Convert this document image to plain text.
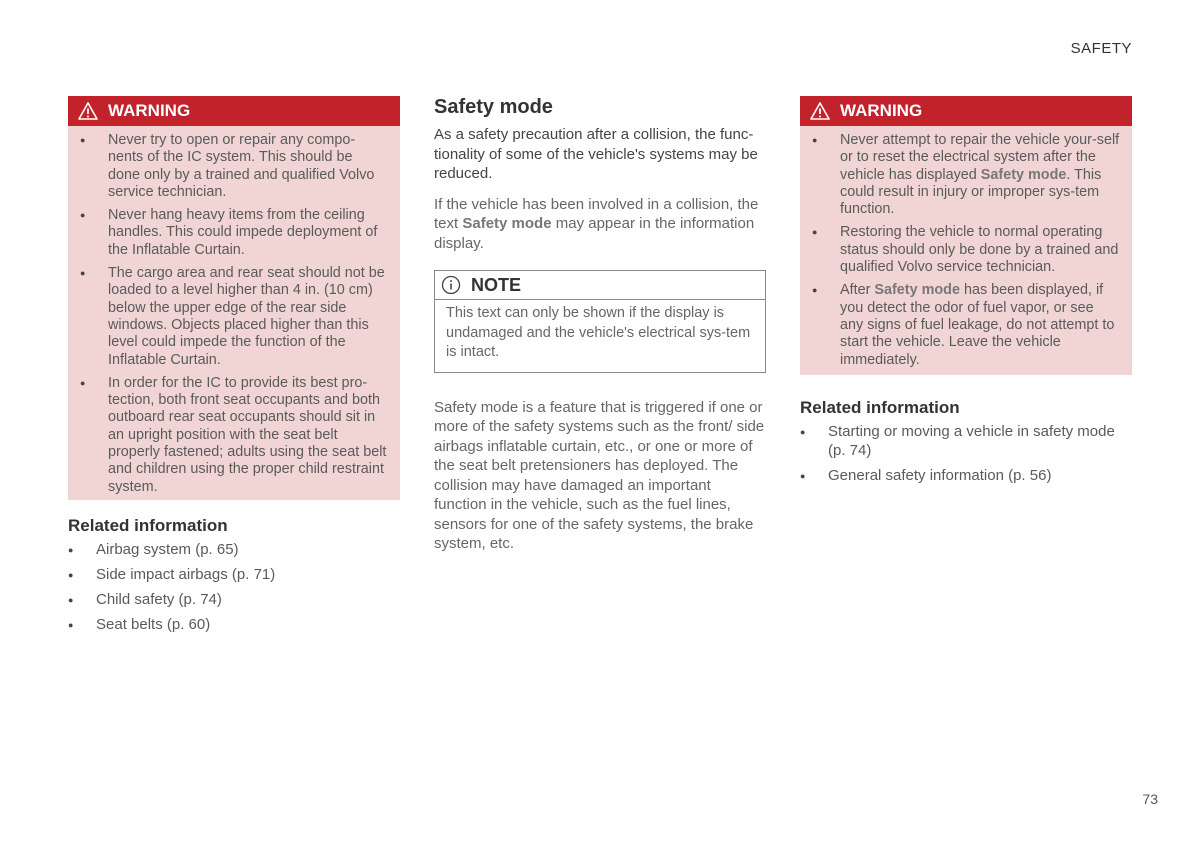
SAFETY
WARNING
● Never try to open or repair any compo-nents of the IC system. This should be done only by a trained and qualified Volvo service technician.
● Never hang heavy items from the ceiling handles. This could impede deployment of the Inflatable Curtain.
● The cargo area and rear seat should not be loaded to a level higher than 4 in. (10 cm) below the upper edge of the rear side windows. Objects placed higher than this level could impede the function of the Inflatable Curtain.
● In order for the IC to provide its best pro-tection, both front seat occupants and both outboard rear seat occupants should sit in an upright position with the seat belt properly fastened; adults using the seat belt and children using the proper child restraint system.
Related information
● Airbag system (p. 65)
● Side impact airbags (p. 71)
● Child safety (p. 74)
● Seat belts (p. 60)
Safety mode

As a safety precaution after a collision, the func-tionality of some of the vehicle's systems may be reduced.

If the vehicle has been involved in a collision, the text Safety mode may appear in the information display.

NOTE

This text can only be shown if the display is undamaged and the vehicle's electrical sys-tem is intact.

Safety mode is a feature that is triggered if one or more of the safety systems such as the front/ side airbags inflatable curtain, etc., or one or more of the seat belt pretensioners has deployed. The collision may have damaged an important function in the vehicle, such as the fuel lines, sensors for one of the safety systems, the brake system, etc.

WARNING
● Never attempt to repair the vehicle your-self or to reset the electrical system after the vehicle has displayed Safety mode. This could result in injury or improper sys-tem function.
● Restoring the vehicle to normal operating status should only be done by a trained and qualified Volvo service technician.
● After Safety mode has been displayed, if you detect the odor of fuel vapor, or see any signs of fuel leakage, do not attempt to start the vehicle. Leave the vehicle immediately.
Related information
● Starting or moving a vehicle in safety mode (p. 74)
● General safety information (p. 56)
73
